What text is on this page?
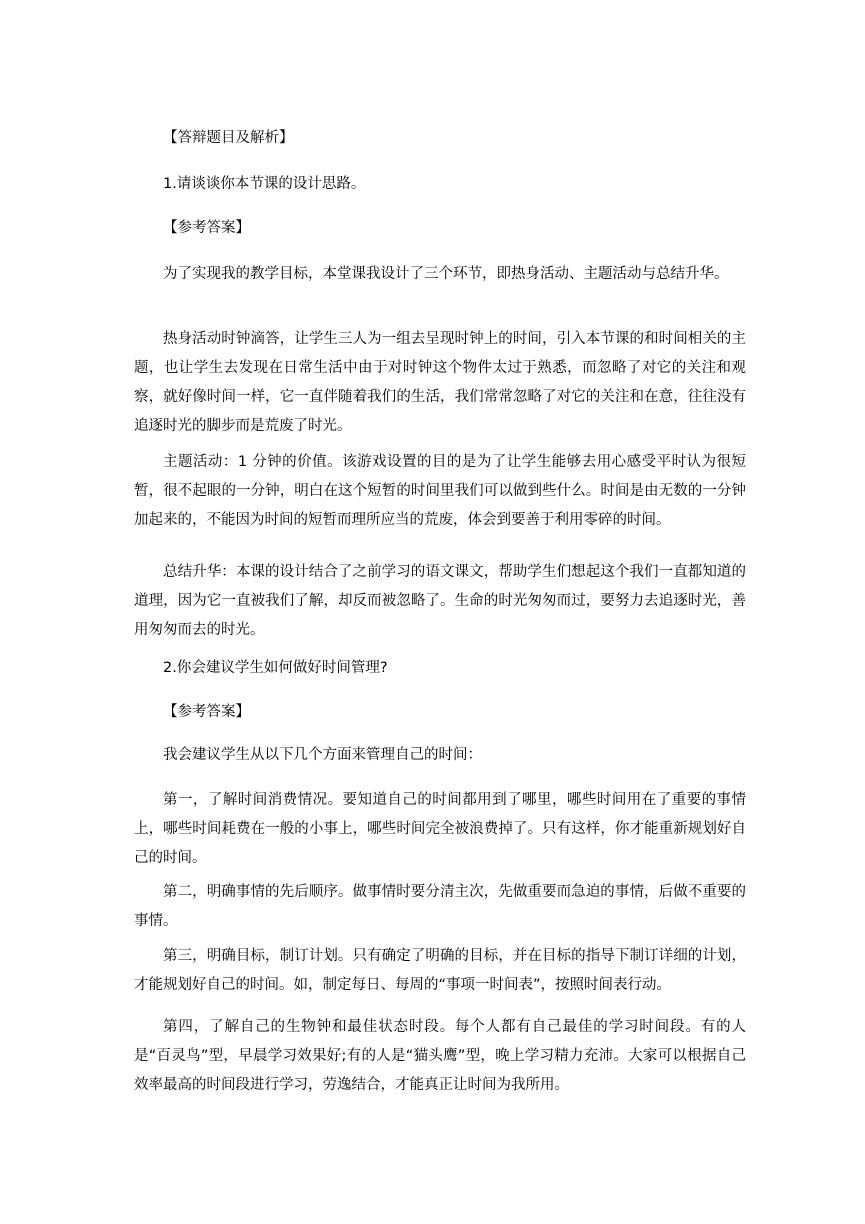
【答辩题目及解析】

1.请谈谈你本节课的设计思路。

【参考答案】

为了实现我的教学目标，本堂课我设计了三个环节，即热身活动、主题活动与总结升华。

热身活动时钟滴答，让学生三人为一组去呈现时钟上的时间，引入本节课的和时间相关的主题，也让学生去发现在日常生活中由于对时钟这个物件太过于熟悉，而忽略了对它的关注和观察，就好像时间一样，它一直伴随着我们的生活，我们常常忽略了对它的关注和在意，往往没有追逐时光的脚步而是荒废了时光。

主题活动：1 分钟的价值。该游戏设置的目的是为了让学生能够去用心感受平时认为很短暂，很不起眼的一分钟，明白在这个短暂的时间里我们可以做到些什么。时间是由无数的一分钟加起来的，不能因为时间的短暂而理所应当的荒废，体会到要善于利用零碎的时间。

总结升华：本课的设计结合了之前学习的语文课文，帮助学生们想起这个我们一直都知道的道理，因为它一直被我们了解，却反而被忽略了。生命的时光匆匆而过，要努力去追逐时光，善用匆匆而去的时光。

2.你会建议学生如何做好时间管理?

【参考答案】

我会建议学生从以下几个方面来管理自己的时间：

第一，了解时间消费情况。要知道自己的时间都用到了哪里，哪些时间用在了重要的事情上，哪些时间耗费在一般的小事上，哪些时间完全被浪费掉了。只有这样，你才能重新规划好自己的时间。

第二，明确事情的先后顺序。做事情时要分清主次，先做重要而急迫的事情，后做不重要的事情。

第三，明确目标，制订计划。只有确定了明确的目标，并在目标的指导下制订详细的计划，才能规划好自己的时间。如，制定每日、每周的“事项一时间表”，按照时间表行动。

第四，了解自己的生物钟和最佳状态时段。每个人都有自己最佳的学习时间段。有的人是“百灵鸟”型，早晨学习效果好;有的人是“猫头鹰”型，晚上学习精力充沛。大家可以根据自己效率最高的时间段进行学习，劳逸结合，才能真正让时间为我所用。
